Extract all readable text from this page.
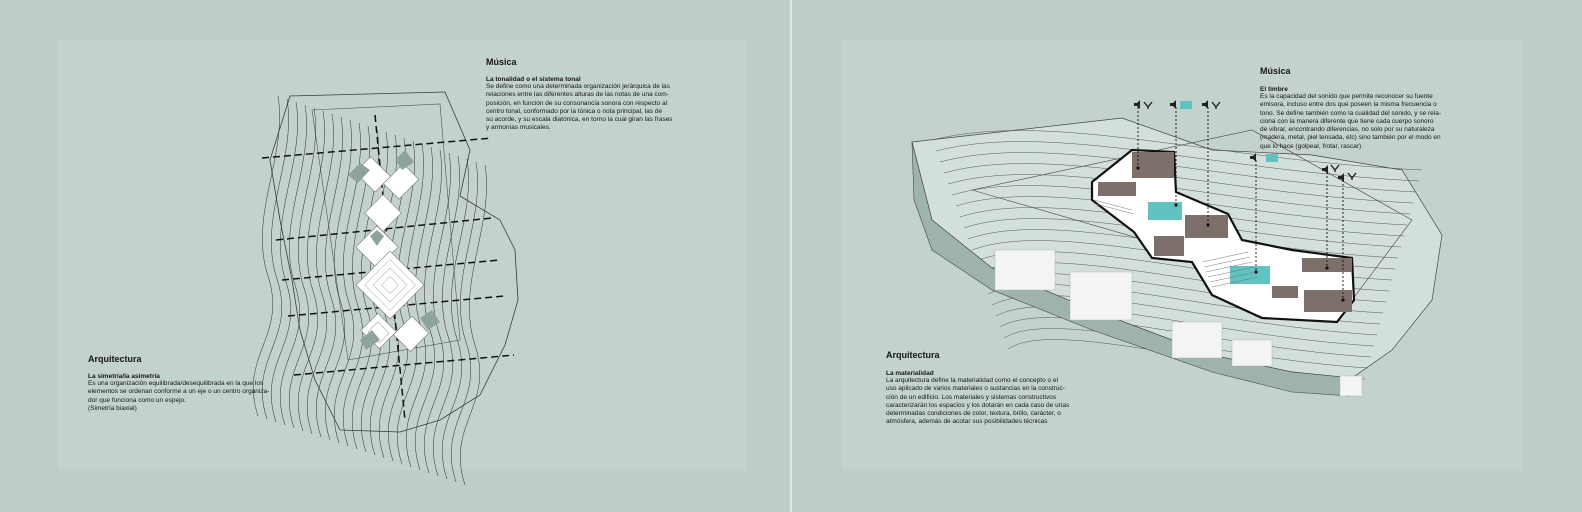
Música
La tonalidad o el sistema tonal
Se define como una determinada organización jerárquica de las
relaciones entre las diferentes alturas de las notas de una com-
posición, en función de su consonancia sonora con respecto al
centro tonal, conformado por la tónica o nota principal, las de
su acorde, y su escala diatónica, en torno la cual giran las frases
y armonías musicales.
Arquitectura
La simetría/la asimetría
Es una organización equilibrada/desequilibrada en la que los
elementos se ordenan conforme a un eje o un centro organiza-
dor que funciona como un espejo.
(Simetría biaxial)
Música
El timbre
Es la capacidad del sonido que permite reconocer su fuente
emisora, incluso entre dos que poseen la misma frecuencia o
tono. Se define también como la cualidad del sonido, y se rela-
ciona con la manera diferente que tiene cada cuerpo sonoro
de vibrar, encontrando diferencias, no solo por su naturaleza
(madera, metal, piel tensada, etc) sino también por el modo en
que lo hace (golpear, frotar, rascar)
Arquitectura
La materialidad
La arquitectura define la materialidad como el concepto o el
uso aplicado de varios materiales o sustancias en la construc-
ción de un edificio. Los materiales y sistemas constructivos
caracterizarán los espacios y los dotarán en cada caso de unas
determinadas condiciones de color, textura, brillo, carácter, o
atmósfera, además de acotar sus posibilidades técnicas
